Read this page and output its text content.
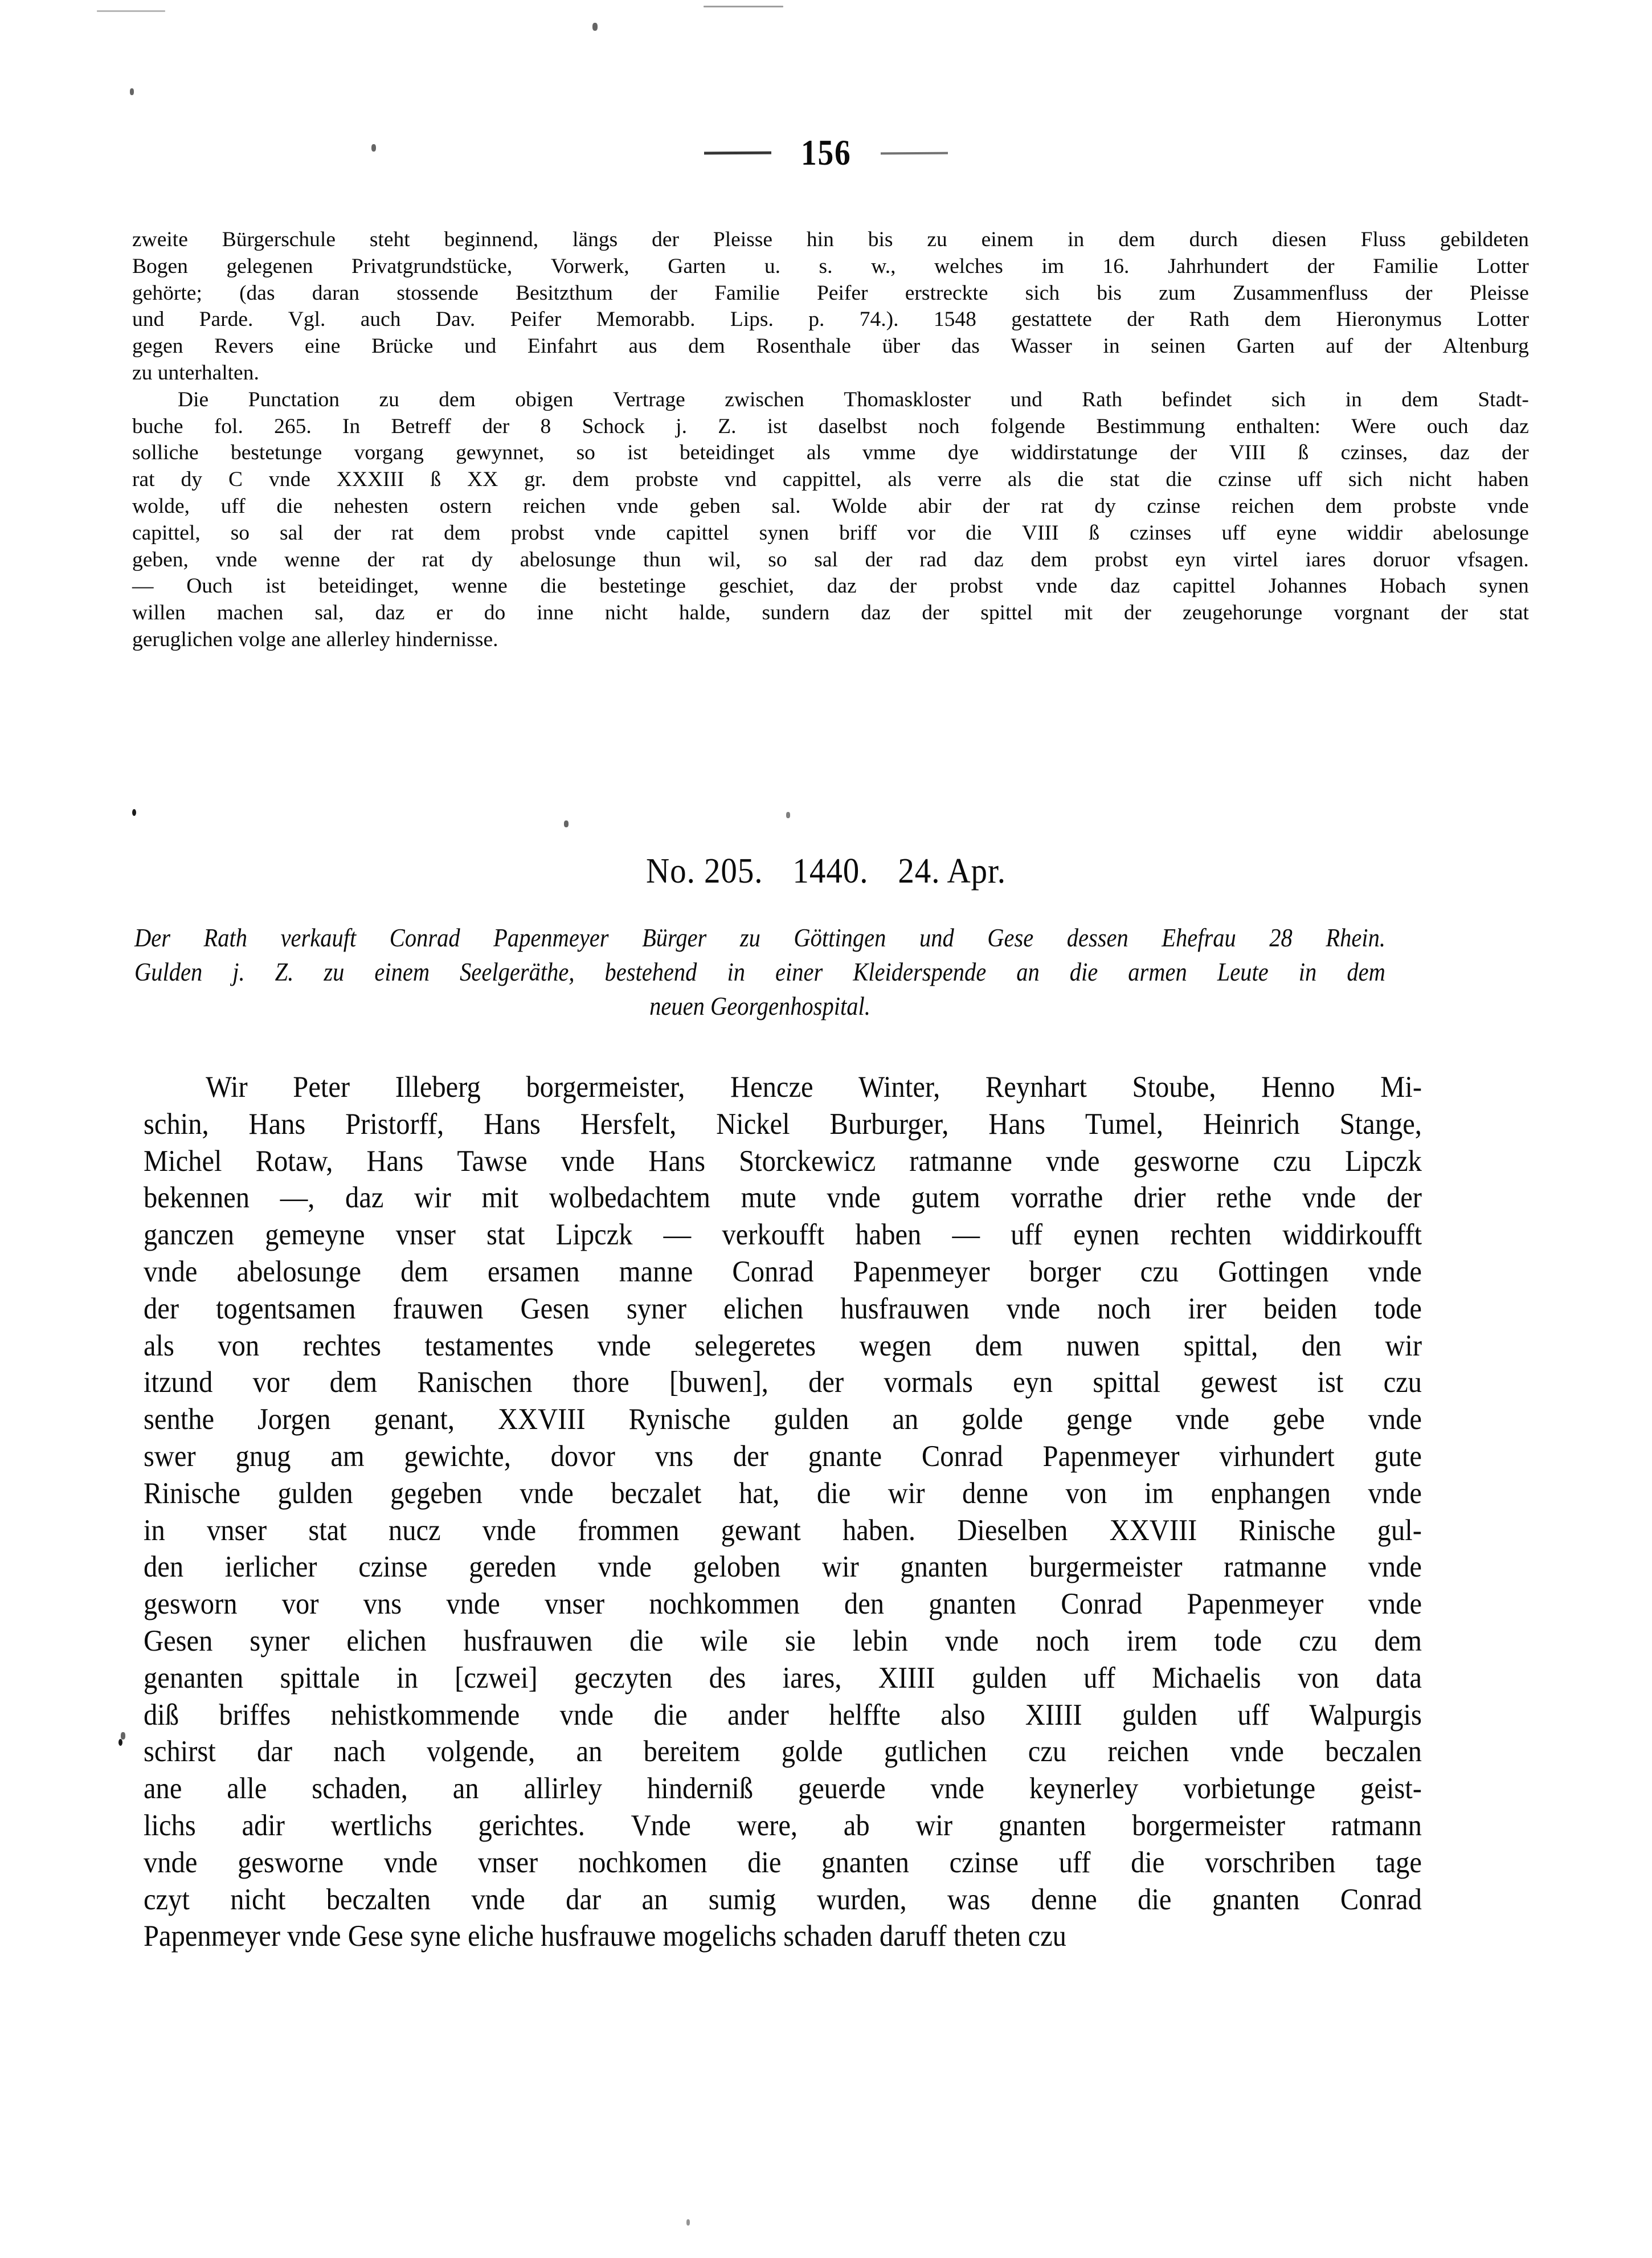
156
zweite Bürgerschule steht beginnend, längs der Pleisse hin bis zu einem in dem durch diesen Fluss gebildeten
Bogen gelegenen Privatgrundstücke, Vorwerk, Garten u. s. w., welches im 16. Jahrhundert der Familie Lotter
gehörte; (das daran stossende Besitzthum der Familie Peifer erstreckte sich bis zum Zusammenfluss der Pleisse
und Parde. Vgl. auch Dav. Peifer Memorabb. Lips. p. 74.). 1548 gestattete der Rath dem Hieronymus Lotter
gegen Revers eine Brücke und Einfahrt aus dem Rosenthale über das Wasser in seinen Garten auf der Altenburg
zu unterhalten.
Die Punctation zu dem obigen Vertrage zwischen Thomaskloster und Rath befindet sich in dem Stadt-
buche fol. 265. In Betreff der 8 Schock j. Z. ist daselbst noch folgende Bestimmung enthalten: Were ouch daz
solliche bestetunge vorgang gewynnet, so ist beteidinget als vmme dye widdirstatunge der VIII ß czinses, daz der
rat dy C vnde XXXIII ß XX gr. dem probste vnd cappittel, als verre als die stat die czinse uff sich nicht haben
wolde, uff die nehesten ostern reichen vnde geben sal. Wolde abir der rat dy czinse reichen dem probste vnde
capittel, so sal der rat dem probst vnde capittel synen briff vor die VIII ß czinses uff eyne widdir abelosunge
geben, vnde wenne der rat dy abelosunge thun wil, so sal der rad daz dem probst eyn virtel iares doruor vfsagen.
— Ouch ist beteidinget, wenne die bestetinge geschiet, daz der probst vnde daz capittel Johannes Hobach synen
willen machen sal, daz er do inne nicht halde, sundern daz der spittel mit der zeugehorunge vorgnant der stat
geruglichen volge ane allerley hindernisse.
No. 205. 1440. 24. Apr.
Der Rath verkauft Conrad Papenmeyer Bürger zu Göttingen und Gese dessen Ehefrau 28 Rhein.
Gulden j. Z. zu einem Seelgeräthe, bestehend in einer Kleiderspende an die armen Leute in dem
neuen Georgenhospital.
Wir Peter Illeberg borgermeister, Hencze Winter, Reynhart Stoube, Henno Mi-
schin, Hans Pristorff, Hans Hersfelt, Nickel Burburger, Hans Tumel, Heinrich Stange,
Michel Rotaw, Hans Tawse vnde Hans Storckewicz ratmanne vnde gesworne czu Lipczk
bekennen —, daz wir mit wolbedachtem mute vnde gutem vorrathe drier rethe vnde der
ganczen gemeyne vnser stat Lipczk — verkoufft haben — uff eynen rechten widdirkoufft
vnde abelosunge dem ersamen manne Conrad Papenmeyer borger czu Gottingen vnde
der togentsamen frauwen Gesen syner elichen husfrauwen vnde noch irer beiden tode
als von rechtes testamentes vnde selegeretes wegen dem nuwen spittal, den wir
itzund vor dem Ranischen thore [buwen], der vormals eyn spittal gewest ist czu
senthe Jorgen genant, XXVIII Rynische gulden an golde genge vnde gebe vnde
swer gnug am gewichte, dovor vns der gnante Conrad Papenmeyer virhundert gute
Rinische gulden gegeben vnde beczalet hat, die wir denne von im enphangen vnde
in vnser stat nucz vnde frommen gewant haben. Dieselben XXVIII Rinische gul-
den ierlicher czinse gereden vnde geloben wir gnanten burgermeister ratmanne vnde
gesworn vor vns vnde vnser nochkommen den gnanten Conrad Papenmeyer vnde
Gesen syner elichen husfrauwen die wile sie lebin vnde noch irem tode czu dem
genanten spittale in [czwei] geczyten des iares, XIIII gulden uff Michaelis von data
diß briffes nehistkommende vnde die ander helffte also XIIII gulden uff Walpurgis
schirst dar nach volgende, an bereitem golde gutlichen czu reichen vnde beczalen
ane alle schaden, an allirley hinderniß geuerde vnde keynerley vorbietunge geist-
lichs adir wertlichs gerichtes. Vnde were, ab wir gnanten borgermeister ratmann
vnde gesworne vnde vnser nochkomen die gnanten czinse uff die vorschriben tage
czyt nicht beczalten vnde dar an sumig wurden, was denne die gnanten Conrad
Papenmeyer vnde Gese syne eliche husfrauwe mogelichs schaden daruff theten czu
